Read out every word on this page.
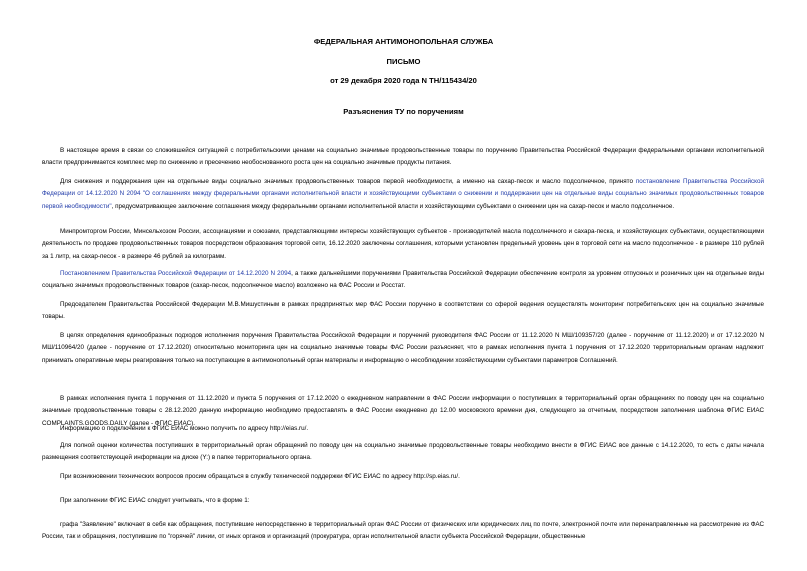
ФЕДЕРАЛЬНАЯ АНТИМОНОПОЛЬНАЯ СЛУЖБА
ПИСЬМО
от 29 декабря 2020 года N ТН/115434/20
Разъяснения ТУ по поручениям
В настоящее время в связи со сложившейся ситуацией с потребительскими ценами на социально значимые продовольственные товары по поручению Правительства Российской Федерации федеральными органами исполнительной власти предпринимается комплекс мер по снижению и пресечению необоснованного роста цен на социально значимые продукты питания.
Для снижения и поддержания цен на отдельные виды социально значимых продовольственных товаров первой необходимости, а именно на сахар-песок и масло подсолнечное, принято постановление Правительства Российской Федерации от 14.12.2020 N 2094 "О соглашениях между федеральными органами исполнительной власти и хозяйствующими субъектами о снижении и поддержании цен на отдельные виды социально значимых продовольственных товаров первой необходимости", предусматривающее заключение соглашения между федеральными органами исполнительной власти и хозяйствующими субъектами о снижении цен на сахар-песок и масло подсолнечное.
Минпромторгом России, Минсельхозом России, ассоциациями и союзами, представляющими интересы хозяйствующих субъектов - производителей масла подсолнечного и сахара-песка, и хозяйствующих субъектами, осуществляющими деятельность по продаже продовольственных товаров посредством образования торговой сети, 16.12.2020 заключены соглашения, которыми установлен предельный уровень цен в торговой сети на масло подсолнечное - в размере 110 рублей за 1 литр, на сахар-песок - в размере 46 рублей за килограмм.
Постановлением Правительства Российской Федерации от 14.12.2020 N 2094, а также дальнейшими поручениями Правительства Российской Федерации обеспечение контроля за уровнем отпускных и розничных цен на отдельные виды социально значимых продовольственных товаров (сахар-песок, подсолнечное масло) возложено на ФАС России и Росстат.
Председателем Правительства Российской Федерации М.В.Мишустиным в рамках предпринятых мер ФАС России поручено в соответствии со сферой ведения осуществлять мониторинг потребительских цен на социально значимые товары.
В целях определения единообразных подходов исполнения поручения Правительства Российской Федерации и поручений руководителя ФАС России от 11.12.2020 N МШ/109357/20 (далее - поручение от 11.12.2020) и от 17.12.2020 N МШ/110964/20 (далее - поручение от 17.12.2020) относительно мониторинга цен на социально значимые товары ФАС России разъясняет, что в рамках исполнения пункта 1 поручения от 17.12.2020 территориальным органам надлежит принимать оперативные меры реагирования только на поступающие в антимонопольный орган материалы и информацию о несоблюдении хозяйствующими субъектами параметров Соглашений.
В рамках исполнения пункта 1 поручения от 11.12.2020 и пункта 5 поручения от 17.12.2020 о ежедневном направлении в ФАС России информации о поступивших в территориальный орган обращениях по поводу цен на социально значимые продовольственные товары с 28.12.2020 данную информацию необходимо предоставлять в ФАС России ежедневно до 12.00 московского времени дня, следующего за отчетным, посредством заполнения шаблона ФГИС ЕИАС COMPLAINTS.GOODS.DAILY (далее - ФГИС ЕИАС).
Информацию о подключении к ФГИС ЕИАС можно получить по адресу http://eias.ru/.
Для полной оценки количества поступивших в территориальный орган обращений по поводу цен на социально значимые продовольственные товары необходимо внести в ФГИС ЕИАС все данные с 14.12.2020, то есть с даты начала размещения соответствующей информации на диске (Y:) в папке территориального органа.
При возникновении технических вопросов просим обращаться в службу технической поддержки ФГИС ЕИАС по адресу http://sp.eias.ru/.
При заполнении ФГИС ЕИАС следует учитывать, что в форме 1:
графа "Заявление" включает в себя как обращения, поступившие непосредственно в территориальный орган ФАС России от физических или юридических лиц по почте, электронной почте или перенаправленные на рассмотрение из ФАС России, так и обращения, поступившие по "горячей" линии, от иных органов и организаций (прокуратура, орган исполнительной власти субъекта Российской Федерации, общественные
